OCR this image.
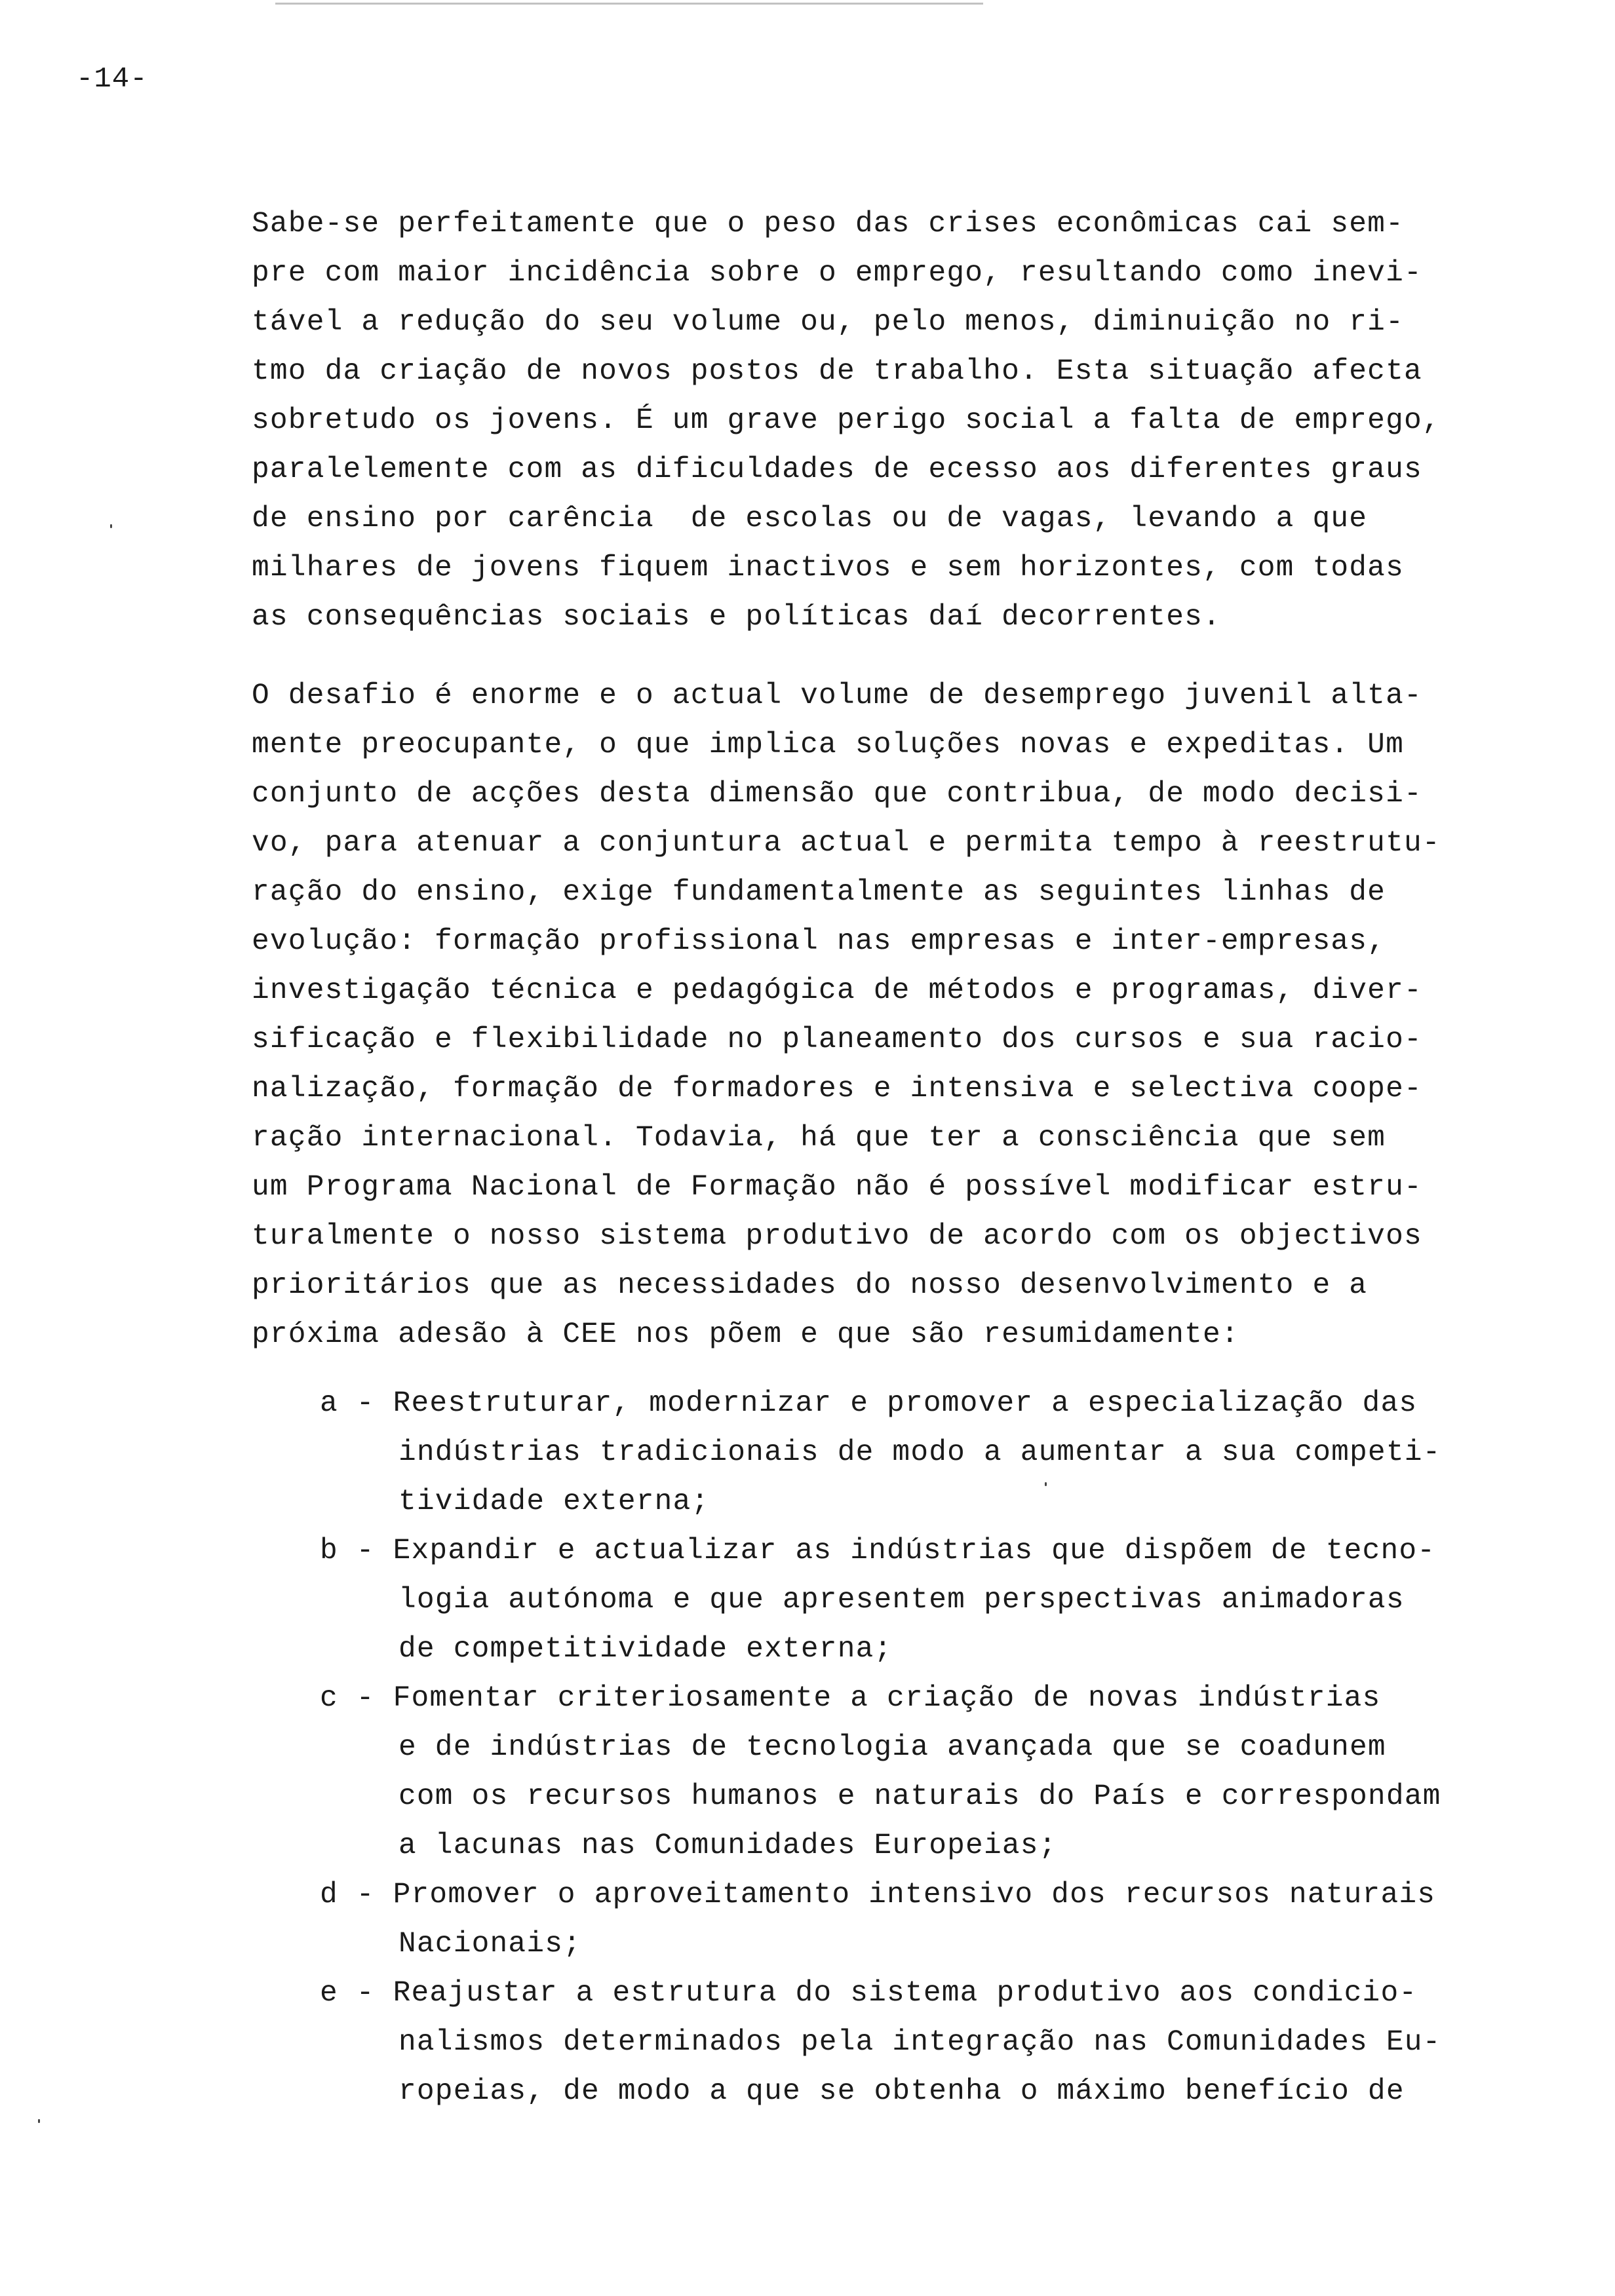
-14-
Sabe-se perfeitamente que o peso das crises econômicas cai sem-
pre com maior incidência sobre o emprego, resultando como inevi-
tável a redução do seu volume ou, pelo menos, diminuição no ri-
tmo da criação de novos postos de trabalho. Esta situação afecta
sobretudo os jovens. É um grave perigo social a falta de emprego,
paralelemente com as dificuldades de ecesso aos diferentes graus
de ensino por carência  de escolas ou de vagas, levando a que
milhares de jovens fiquem inactivos e sem horizontes, com todas
as consequências sociais e políticas daí decorrentes.
O desafio é enorme e o actual volume de desemprego juvenil alta-
mente preocupante, o que implica soluções novas e expeditas. Um
conjunto de acções desta dimensão que contribua, de modo decisi-
vo, para atenuar a conjuntura actual e permita tempo à reestrutu-
ração do ensino, exige fundamentalmente as seguintes linhas de
evolução: formação profissional nas empresas e inter-empresas,
investigação técnica e pedagógica de métodos e programas, diver-
sificação e flexibilidade no planeamento dos cursos e sua racio-
nalização, formação de formadores e intensiva e selectiva coope-
ração internacional. Todavia, há que ter a consciência que sem
um Programa Nacional de Formação não é possível modificar estru-
turalmente o nosso sistema produtivo de acordo com os objectivos
prioritários que as necessidades do nosso desenvolvimento e a
próxima adesão à CEE nos põem e que são resumidamente:
a - Reestruturar, modernizar e promover a especialização das
indústrias tradicionais de modo a aumentar a sua competi-
tividade externa;
b - Expandir e actualizar as indústrias que dispõem de tecno-
logia autónoma e que apresentem perspectivas animadoras
de competitividade externa;
c - Fomentar criteriosamente a criação de novas indústrias
e de indústrias de tecnologia avançada que se coadunem
com os recursos humanos e naturais do País e correspondam
a lacunas nas Comunidades Europeias;
d - Promover o aproveitamento intensivo dos recursos naturais
Nacionais;
e - Reajustar a estrutura do sistema produtivo aos condicio-
nalismos determinados pela integração nas Comunidades Eu-
ropeias, de modo a que se obtenha o máximo benefício de
